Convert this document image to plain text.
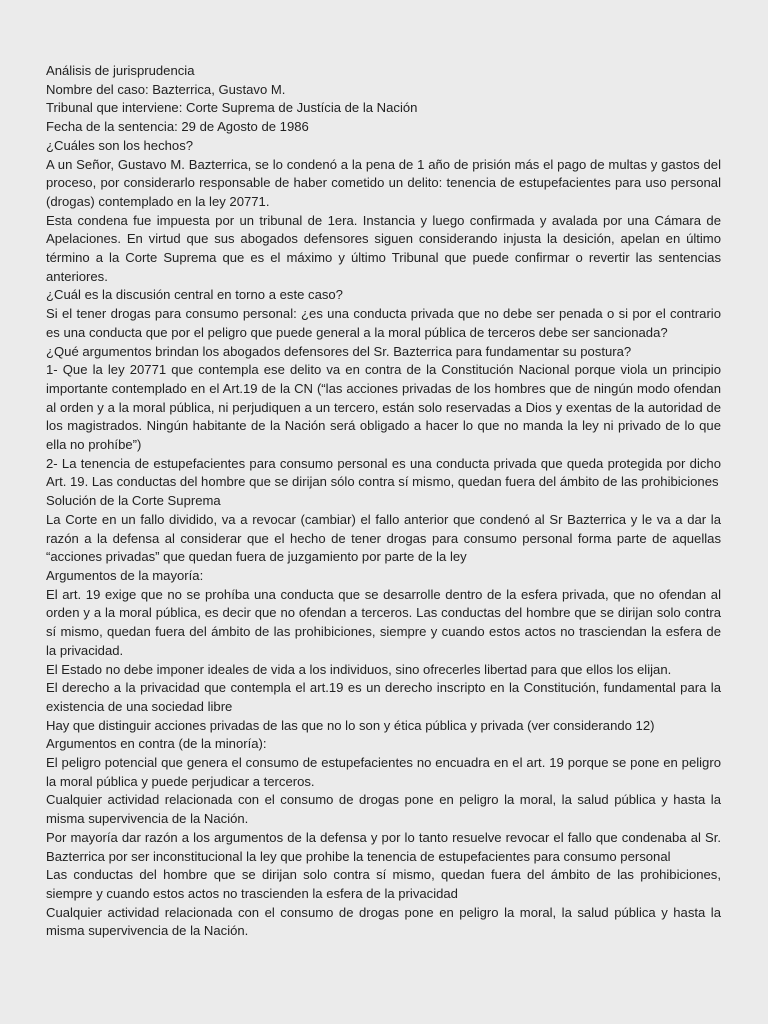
Análisis de jurisprudencia

Nombre del caso: Bazterrica, Gustavo M.

Tribunal que interviene: Corte Suprema de Justícia de la Nación

Fecha de la sentencia: 29 de Agosto de 1986

¿Cuáles son los hechos?

A un Señor, Gustavo M. Bazterrica, se lo condenó a la pena de 1 año de prisión más el pago de multas y gastos del proceso, por considerarlo responsable de haber cometido un delito: tenencia de estupefacientes para uso personal (drogas) contemplado en la ley 20771.

Esta condena fue impuesta por un tribunal de 1era. Instancia y luego confirmada y avalada por una Cámara de Apelaciones. En virtud que sus abogados defensores siguen considerando injusta la desición, apelan en último término a la Corte Suprema que es el máximo y último Tribunal que puede confirmar o revertir las sentencias anteriores.

¿Cuál es la discusión central en torno a este caso?

Si el tener drogas para consumo personal: ¿es una conducta privada que no debe ser penada o si por el contrario es una conducta que por el peligro que puede general a la moral pública de terceros debe ser sancionada?

¿Qué argumentos brindan los abogados defensores del Sr. Bazterrica para fundamentar su postura?

1- Que la ley 20771 que contempla ese delito va en contra de la Constitución Nacional porque viola un principio importante contemplado en el Art.19 de la CN (“las acciones privadas de los hombres que de ningún modo ofendan al orden y a la moral pública, ni perjudiquen a un tercero, están solo reservadas a Dios y exentas de la autoridad de los magistrados. Ningún habitante de la Nación será obligado a hacer lo que no manda la ley ni privado de lo que ella no prohíbe”)

2- La tenencia de estupefacientes para consumo personal es una conducta privada que queda protegida por dicho Art. 19. Las conductas del hombre que se dirijan sólo contra sí mismo, quedan fuera del ámbito de las prohibiciones

Solución de la Corte Suprema

La Corte en un fallo dividido, va a revocar (cambiar) el fallo anterior que condenó al Sr Bazterrica y le va a dar la razón a la defensa al considerar que el hecho de tener drogas para consumo personal forma parte de aquellas “acciones privadas” que quedan fuera de juzgamiento por parte de la ley

Argumentos de la mayoría:

El art. 19 exige que no se prohíba una conducta que se desarrolle dentro de la esfera privada, que no ofendan al orden y a la moral pública, es decir que no ofendan a terceros. Las conductas del hombre que se dirijan solo contra sí mismo, quedan fuera del ámbito de las prohibiciones, siempre y cuando estos actos no trasciendan la esfera de la privacidad.

El Estado no debe imponer ideales de vida a los individuos, sino ofrecerles libertad para que ellos los elijan.

El derecho a la privacidad que contempla el art.19 es un derecho inscripto en la Constitución, fundamental para la existencia de una sociedad libre

Hay que distinguir acciones privadas de las que no lo son y ética pública y privada (ver considerando 12)

Argumentos en contra (de la minoría):

El peligro potencial que genera el consumo de estupefacientes no encuadra en el art. 19 porque se pone en peligro la moral pública y puede perjudicar a terceros.

Cualquier actividad relacionada con el consumo de drogas pone en peligro la moral, la salud pública y hasta la misma supervivencia de la Nación.

Por mayoría dar razón a los argumentos de la defensa y por lo tanto resuelve revocar el fallo que condenaba al Sr. Bazterrica por ser inconstitucional la ley que prohibe la tenencia de estupefacientes para consumo personal

Las conductas del hombre que se dirijan solo contra sí mismo, quedan fuera del ámbito de las prohibiciones, siempre y cuando estos actos no trascienden la esfera de la privacidad

Cualquier actividad relacionada con el consumo de drogas pone en peligro la moral, la salud pública y hasta la misma supervivencia de la Nación.
